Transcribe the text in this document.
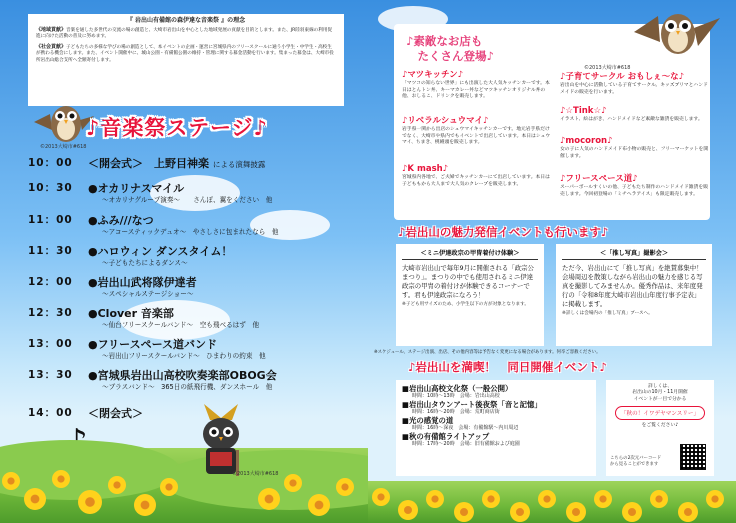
『 岩出山有備館の森伊達な音楽祭 』の理念

《地域貢献》音楽を通した多世代の交流の場の創造と、大崎市岩出山を中心とした地域発展の貢献を目的とします。また、JR陸羽東線の利用促進に向けた活動の普及に努めます。

《社会貢献》子どもたちの多様な学びの場の創造として、本イベントの企画・運営に宮城県内のフリースクールに通う小学生・中学生・高校生が携わる機会にします。また、イベント開催中に、城山公園・有備館公園の維持・管理に関する募金活動を行います。集まった募金は、大崎市役所岩出山総合支所へ全額寄付します。

©2013大崎市#618
♪音楽祭ステージ♪
10：00 ＜開会式＞　上野目神楽 による演舞披露
10：30 ●オカリナスマイル
～オカリナグループ演奏～　　さんぽ、翼をください　他
11：00 ●ふみ///なつ
～アコースティックデュオ～　やさしさに包まれたなら　他
11：30 ●ハロウィン ダンスタイム！
～子どもたちによるダンス～
12：00 ●岩出山武将隊伊達者
～スペシャルステージショー～
12：30 ●Clover 音楽部
～仙台フリースクールバンド～　空も飛べるはず　他
13：00 ●フリースペース道バンド
～岩出山フリースクールバンド～　ひまわりの約束　他
13：30 ●宮城県岩出山高校吹奏楽部OBOG会
～ブラスバンド～　365日の紙飛行機、ダンスホール　他
14：00 ＜閉会式＞
©2013大崎市#618
♪素敵なお店も
　たくさん登場♪
♪マツキッチン♪
「マツコの知らない世界」にも出演した大人気キッチンカーです。本日はとんトン丼、キーマカレー丼などマツキッチンオリジナル丼の他、おしるこ、ドリンクを販売します。
♪リベラルシュウマイ♪
岩手県一関から出店のシュウマイキッチンカーです。地元岩手県だけでなく、大崎市や県内でもイベントで出店しています。本日はシュウマイ、ちまき、桃饅頭を販売します。
♪K mash♪
宮城県内各地で、ご夫婦でキッチンカーにて出店しています。本日は子どももから大人まで大人気のクレープを販売します。
♪子育てサークル おもしぇ～な♪
岩出山を中心に活動している子育てサークル。キッズブリマとハンドメイドの販売を行います。
♪☆Tink☆♪
イラスト、絵はがき、ハンドメイドなど素敵な雑貨を販売します。
♪mocoron♪
女の子に人気のハンドメイド布小物の販売と、フリーマーケットを開催します。
♪フリースペース道♪
スーパーボールすくいの他、子どもたち制作のハンドメイド雑貨を販売します。今回初登場の「ミチヘラアイス」も限定販売します。
©2013大崎市#618
♪岩出山の魅力発信イベントも行います♪
＜ミニ伊達政宗の甲冑着付け体験＞
大崎市岩出山で毎年9月に開催される「政宗公まつり」。まつりの中でも使用されるミニ伊達政宗の甲冑の着付けが体験できるコーナーです。君も伊達政宗になろう！
※子ども用サイズのため、小学生以下の方が対象となります。
＜「推し写真」撮影会＞
ただ今、岩出山にて「推し写真」を絶賛募集中！会場周辺を散策しながら岩出山の魅力を感じる写真を撮影してみませんか。優秀作品は、来年度発行の「令和8年度大崎市岩出山年度行事予定表」に掲載します。
※詳しくは会場内の「推し写真」ブースへ。
※スケジュール、ステージ出演、出店、その他内容等は予告なく変更になる場合があります。何卒ご容赦ください。
♪岩出山を満喫！　同日開催イベント♪
■岩出山高校文化祭（一般公開）
時間：10時～13時　会場：岩出山高校
■岩出山タウンアート後夜祭「音と記憶」
時間：16時～20時　会場：荒町商店街
■光の感覚の道
時間：16時～深夜　会場：有備館駅～内川周辺
■秋の有備館ライトアップ
時間：17時～20時　会場：旧有備館および庭園
詳しくは、
岩出山の10月・11月開催
イベントが一目で分かる
「秋の！イワデヤマンスリー」
をご覧ください♪
こちらの2次元バーコード
から見ることができます
